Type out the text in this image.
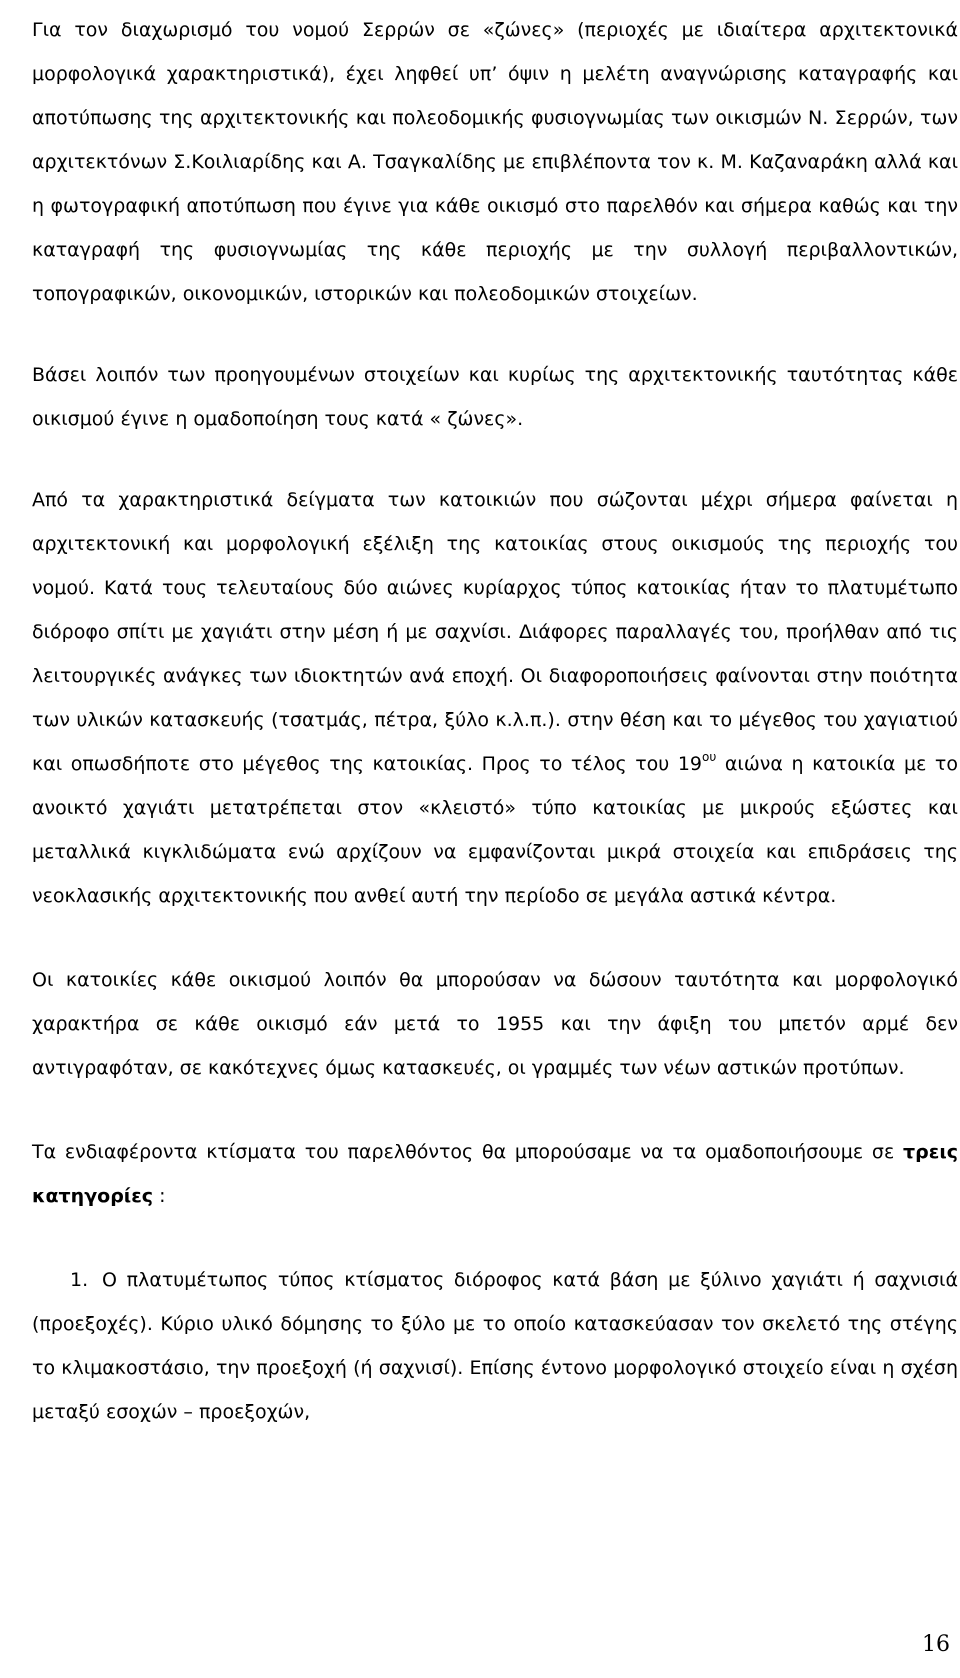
Για τον διαχωρισμό του νομού Σερρών σε «ζώνες» (περιοχές με ιδιαίτερα αρχιτεκτονικά μορφολογικά χαρακτηριστικά), έχει ληφθεί υπ’ όψιν η μελέτη αναγνώρισης καταγραφής και αποτύπωσης της αρχιτεκτονικής και πολεοδομικής φυσιογνωμίας των οικισμών Ν. Σερρών, των αρχιτεκτόνων Σ.Κοιλιαρίδης και Α. Τσαγκαλίδης με επιβλέποντα τον κ. Μ. Καζαναράκη αλλά και η φωτογραφική αποτύπωση που έγινε για κάθε οικισμό στο παρελθόν και σήμερα καθώς και την καταγραφή της φυσιογνωμίας της κάθε περιοχής με την συλλογή περιβαλλοντικών, τοπογραφικών, οικονομικών, ιστορικών και πολεοδομικών στοιχείων.

Βάσει λοιπόν των προηγουμένων στοιχείων και κυρίως της αρχιτεκτονικής ταυτότητας κάθε οικισμού έγινε η ομαδοποίηση τους κατά « ζώνες».

Από τα χαρακτηριστικά δείγματα των κατοικιών που σώζονται μέχρι σήμερα φαίνεται η αρχιτεκτονική και μορφολογική εξέλιξη της κατοικίας στους οικισμούς της περιοχής του νομού. Κατά τους τελευταίους δύο αιώνες κυρίαρχος τύπος κατοικίας ήταν το πλατυμέτωπο διόροφο σπίτι με χαγιάτι στην μέση ή με σαχνίσι. Διάφορες παραλλαγές του, προήλθαν από τις λειτουργικές ανάγκες των ιδιοκτητών ανά εποχή. Οι διαφοροποιήσεις φαίνονται στην ποιότητα των υλικών κατασκευής (τσατμάς, πέτρα, ξύλο κ.λ.π.). στην θέση και το μέγεθος του χαγιατιού και οπωσδήποτε στο μέγεθος της κατοικίας. Προς το τέλος του $19^{o\upsilon}$ αιώνα η κατοικία με το ανοικτό χαγιάτι μετατρέπεται στον «κλειστό» τύπο κατοικίας με μικρούς εξώστες και μεταλλικά κιγκλιδώματα ενώ αρχίζουν να εμφανίζονται μικρά στοιχεία και επιδράσεις της νεοκλασικής αρχιτεκτονικής που ανθεί αυτή την περίοδο σε μεγάλα αστικά κέντρα.

Οι κατοικίες κάθε οικισμού λοιπόν θα μπορούσαν να δώσουν ταυτότητα και μορφολογικό χαρακτήρα σε κάθε οικισμό εάν μετά το 1955 και την άφιξη του μπετόν αρμέ δεν αντιγραφόταν, σε κακότεχνες όμως κατασκευές, οι γραμμές των νέων αστικών προτύπων.

Τα ενδιαφέροντα κτίσματα του παρελθόντος θα μπορούσαμε να τα ομαδοποιήσουμε σε τρεις κατηγορίες :

1. Ο πλατυμέτωπος τύπος κτίσματος διόροφος κατά βάση με ξύλινο χαγιάτι ή σαχνισιά (προεξοχές). Κύριο υλικό δόμησης το ξύλο με το οποίο κατασκεύασαν τον σκελετό της στέγης το κλιμακοστάσιο, την προεξοχή (ή σαχνισί). Επίσης έντονο μορφολογικό στοιχείο είναι η σχέση μεταξύ εσοχών – προεξοχών,
16
